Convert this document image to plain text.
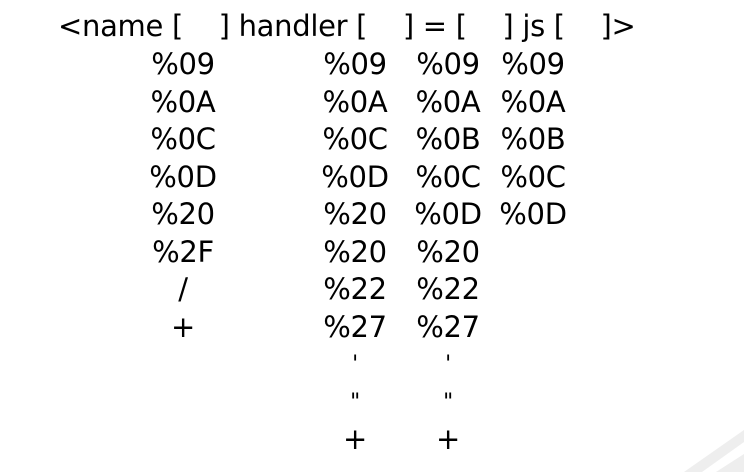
<name [    ] handler [    ] = [    ] js [    ]>
%09
%0A
%0C
%0D
%20
%2F
/
+
%09
%0A
%0C
%0D
%20
%20
%22
%27
'
"
+
%09
%0A
%0B
%0C
%0D
%20
%22
%27
'
"
+
%09
%0A
%0B
%0C
%0D
